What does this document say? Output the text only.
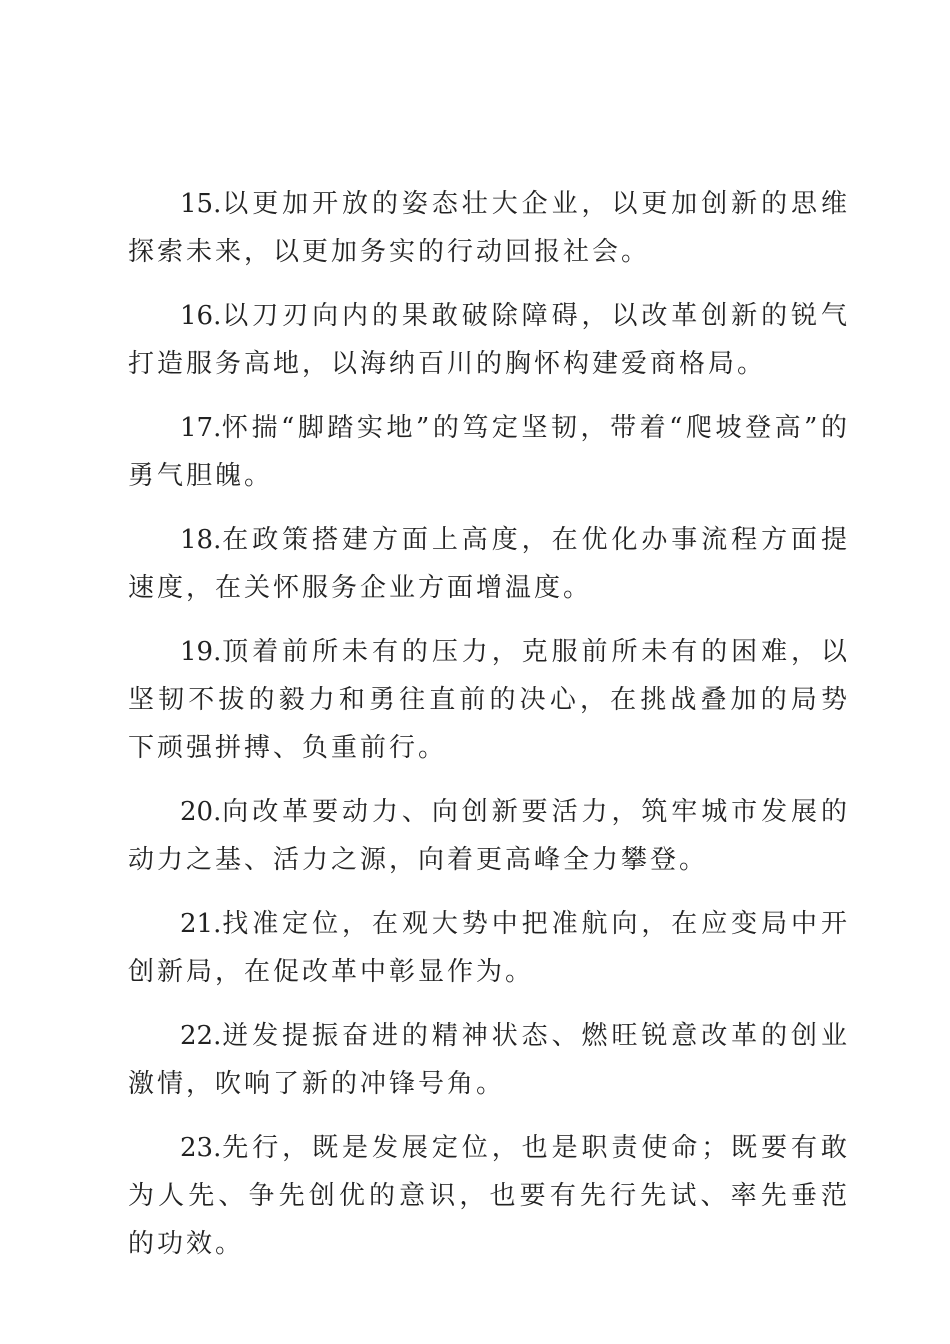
15.以更加开放的姿态壮大企业，以更加创新的思维探索未来，以更加务实的行动回报社会。

16.以刀刃向内的果敢破除障碍，以改革创新的锐气打造服务高地，以海纳百川的胸怀构建爱商格局。

17.怀揣“脚踏实地”的笃定坚韧，带着“爬坡登高”的勇气胆魄。

18.在政策搭建方面上高度，在优化办事流程方面提速度，在关怀服务企业方面增温度。

19.顶着前所未有的压力，克服前所未有的困难，以坚韧不拔的毅力和勇往直前的决心，在挑战叠加的局势下顽强拼搏、负重前行。

20.向改革要动力、向创新要活力，筑牢城市发展的动力之基、活力之源，向着更高峰全力攀登。

21.找准定位，在观大势中把准航向，在应变局中开创新局，在促改革中彰显作为。

22.迸发提振奋进的精神状态、燃旺锐意改革的创业激情，吹响了新的冲锋号角。

23.先行，既是发展定位，也是职责使命；既要有敢为人先、争先创优的意识，也要有先行先试、率先垂范的功效。
